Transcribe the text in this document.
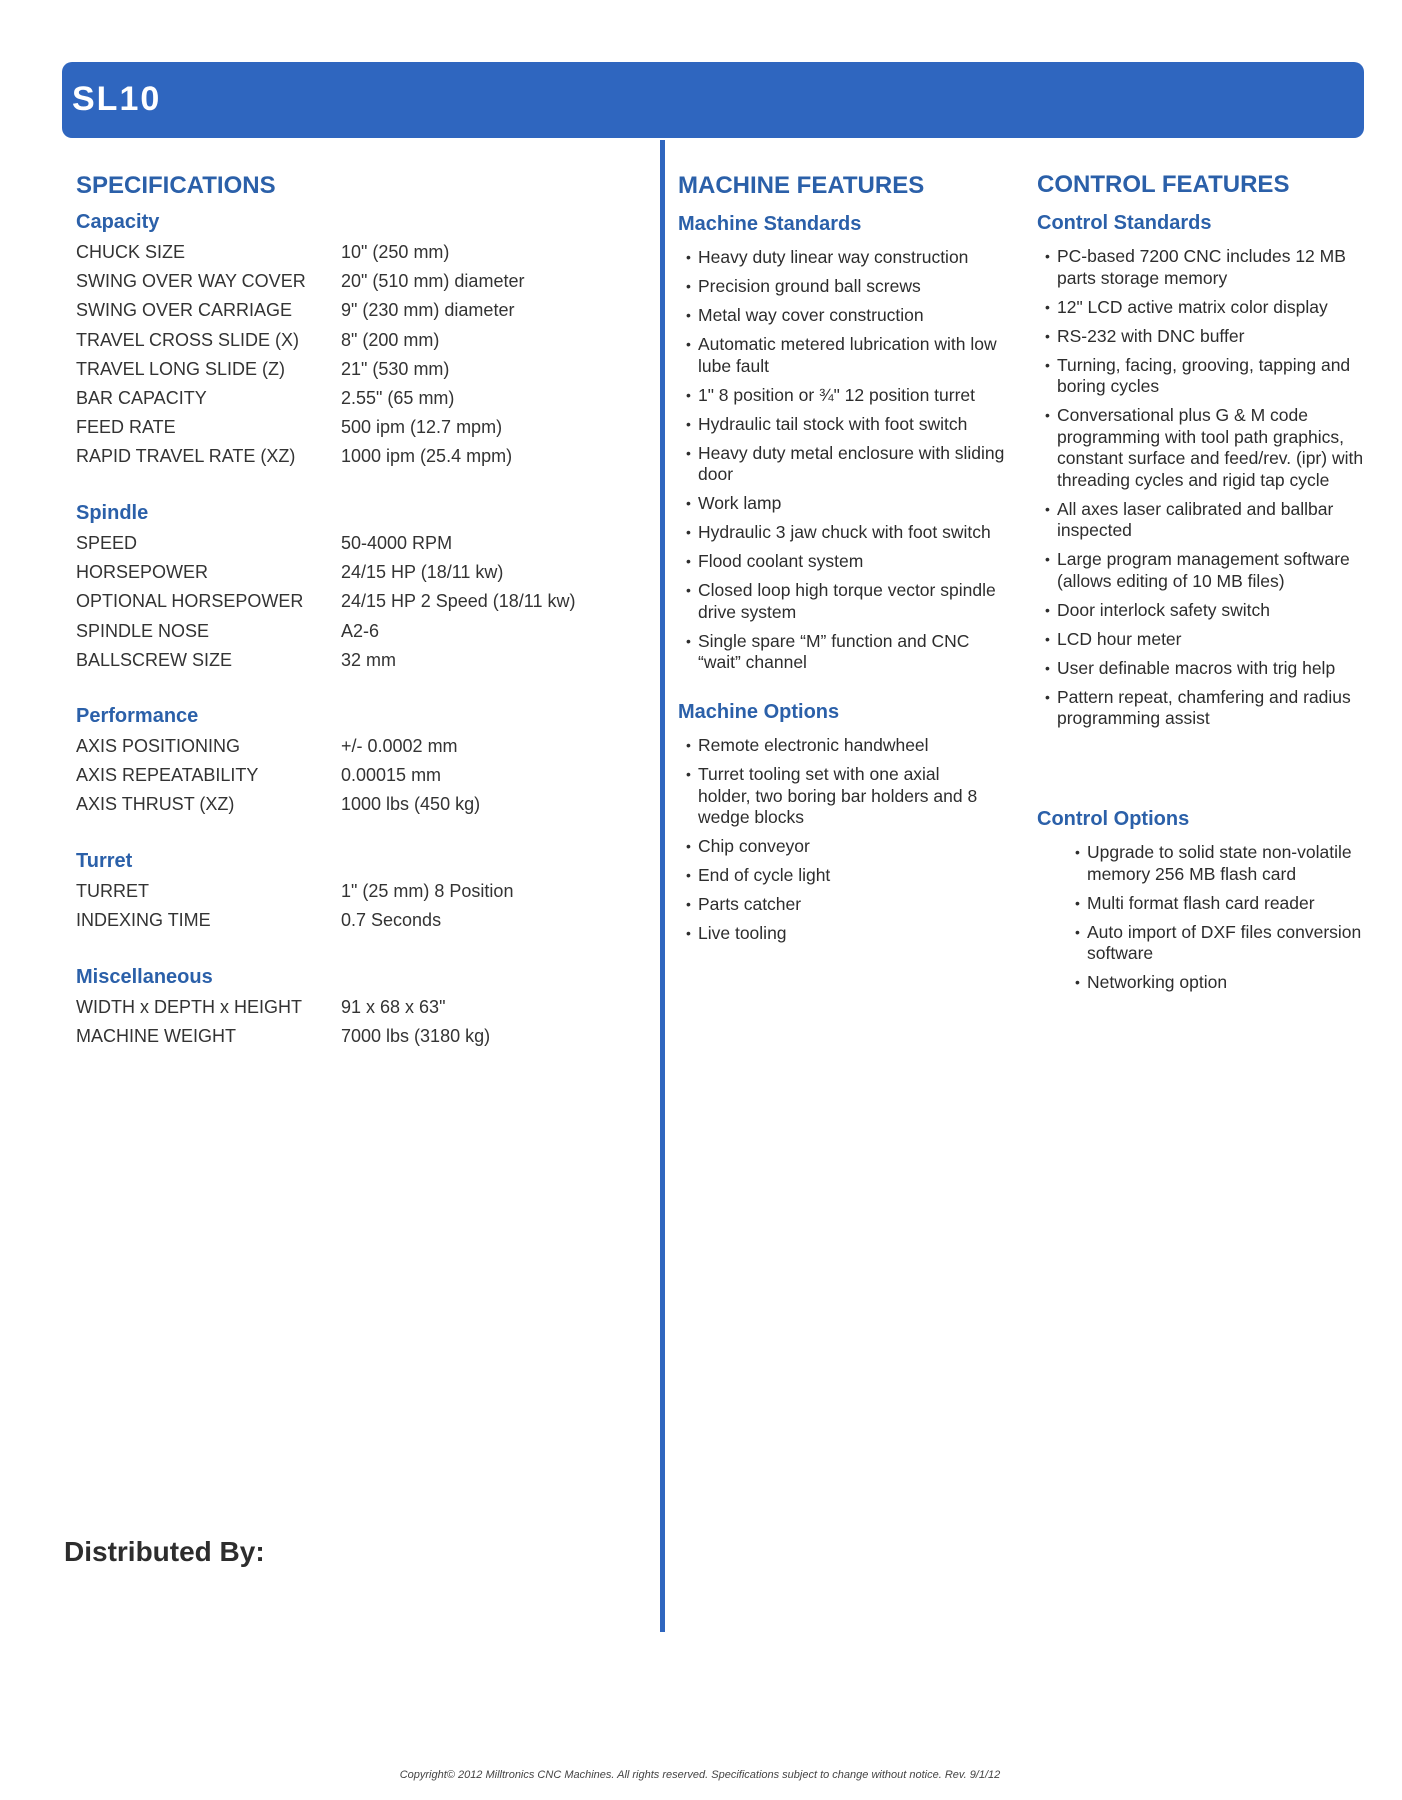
SL10
SPECIFICATIONS
Capacity
CHUCK SIZE	10" (250 mm)
SWING OVER WAY COVER	20" (510 mm) diameter
SWING OVER CARRIAGE	9" (230 mm) diameter
TRAVEL CROSS SLIDE (X)	8" (200 mm)
TRAVEL LONG SLIDE (Z)	21" (530 mm)
BAR CAPACITY	2.55" (65 mm)
FEED RATE	500 ipm (12.7 mpm)
RAPID TRAVEL RATE (XZ)	1000 ipm (25.4 mpm)
Spindle
SPEED	50-4000 RPM
HORSEPOWER	24/15 HP (18/11 kw)
OPTIONAL HORSEPOWER	24/15 HP 2 Speed (18/11 kw)
SPINDLE NOSE	A2-6
BALLSCREW SIZE	32 mm
Performance
AXIS POSITIONING	+/- 0.0002 mm
AXIS REPEATABILITY	0.00015 mm
AXIS THRUST (XZ)	1000 lbs (450 kg)
Turret
TURRET	1" (25 mm) 8 Position
INDEXING TIME	0.7 Seconds
Miscellaneous
WIDTH x DEPTH x HEIGHT	91 x 68 x 63"
MACHINE WEIGHT	7000 lbs (3180 kg)
MACHINE FEATURES
Machine Standards
• Heavy duty linear way construction
• Precision ground ball screws
• Metal way cover construction
• Automatic metered lubrication with low lube fault
• 1" 8 position or ¾" 12 position turret
• Hydraulic tail stock with foot switch
• Heavy duty metal enclosure with sliding door
• Work lamp
• Hydraulic 3 jaw chuck with foot switch
• Flood coolant system
• Closed loop high torque vector spindle drive system
• Single spare “M” function and CNC “wait” channel
Machine Options
• Remote electronic handwheel
• Turret tooling set with one axial holder, two boring bar holders and 8 wedge blocks
• Chip conveyor
• End of cycle light
• Parts catcher
• Live tooling
CONTROL FEATURES
Control Standards
• PC-based 7200 CNC includes 12 MB parts storage memory
• 12" LCD active matrix color display
• RS-232 with DNC buffer
• Turning, facing, grooving, tapping and boring cycles
• Conversational plus G & M code programming with tool path graphics, constant surface and feed/rev. (ipr) with threading cycles and rigid tap cycle
• All axes laser calibrated and ballbar inspected
• Large program management software (allows editing of 10 MB files)
• Door interlock safety switch
• LCD hour meter
• User definable macros with trig help
• Pattern repeat, chamfering and radius programming assist
Control Options
• Upgrade to solid state non-volatile memory 256 MB flash card
• Multi format flash card reader
• Auto import of DXF files conversion software
• Networking option
Distributed By:
Copyright© 2012 Milltronics CNC Machines. All rights reserved. Specifications subject to change without notice. Rev. 9/1/12
